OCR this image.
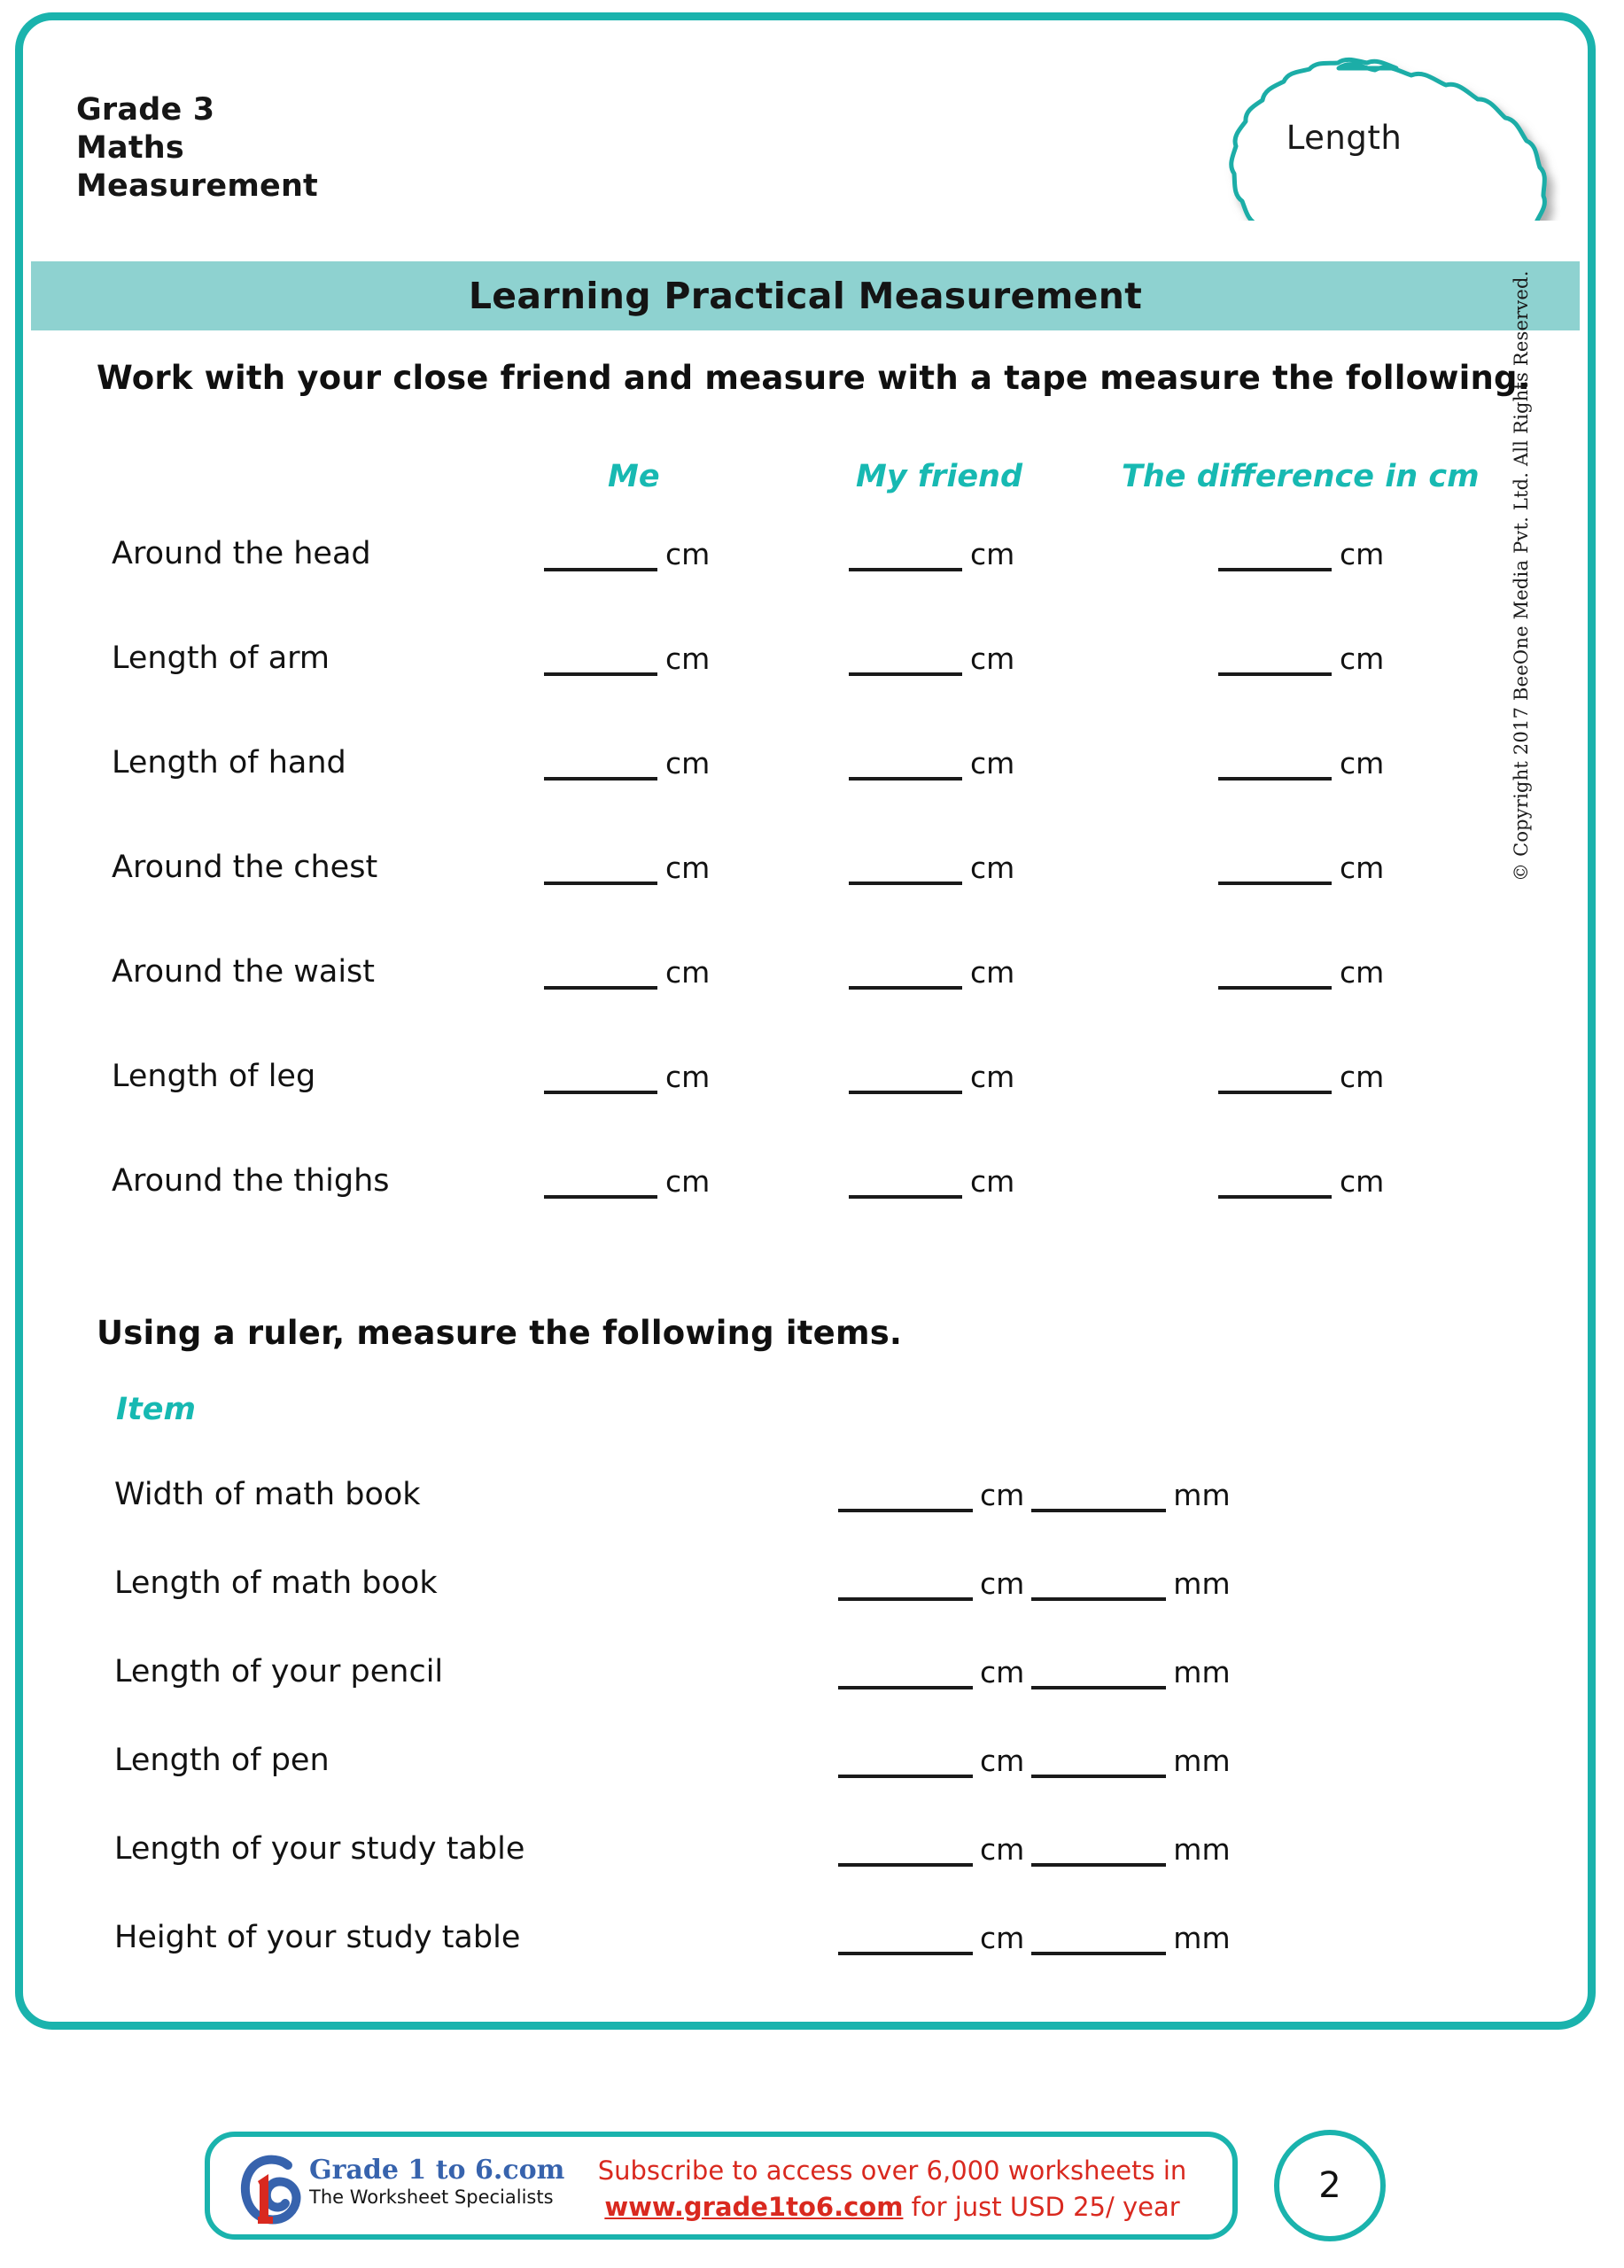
Grade 3
Maths
Measurement
Length
Learning Practical Measurement
Work with your close friend and measure with a tape measure the following.
Me	My friend	The difference in cm
Around the head	cm	cm	cm
Length of arm	cm	cm	cm
Length of hand	cm	cm	cm
Around the chest	cm	cm	cm
Around the waist	cm	cm	cm
Length of leg	cm	cm	cm
Around the thighs	cm	cm	cm
Using a ruler, measure the following items.
Item
Width of math book	cm	mm
Length of math book	cm	mm
Length of your pencil	cm	mm
Length of pen	cm	mm
Length of your study table	cm	mm
Height of your study table	cm	mm
© Copyright 2017 BeeOne Media Pvt. Ltd. All Rights Reserved.
Grade 1 to 6.com
The Worksheet Specialists
Subscribe to access over 6,000 worksheets in
www.grade1to6.com for just USD 25/ year
2
